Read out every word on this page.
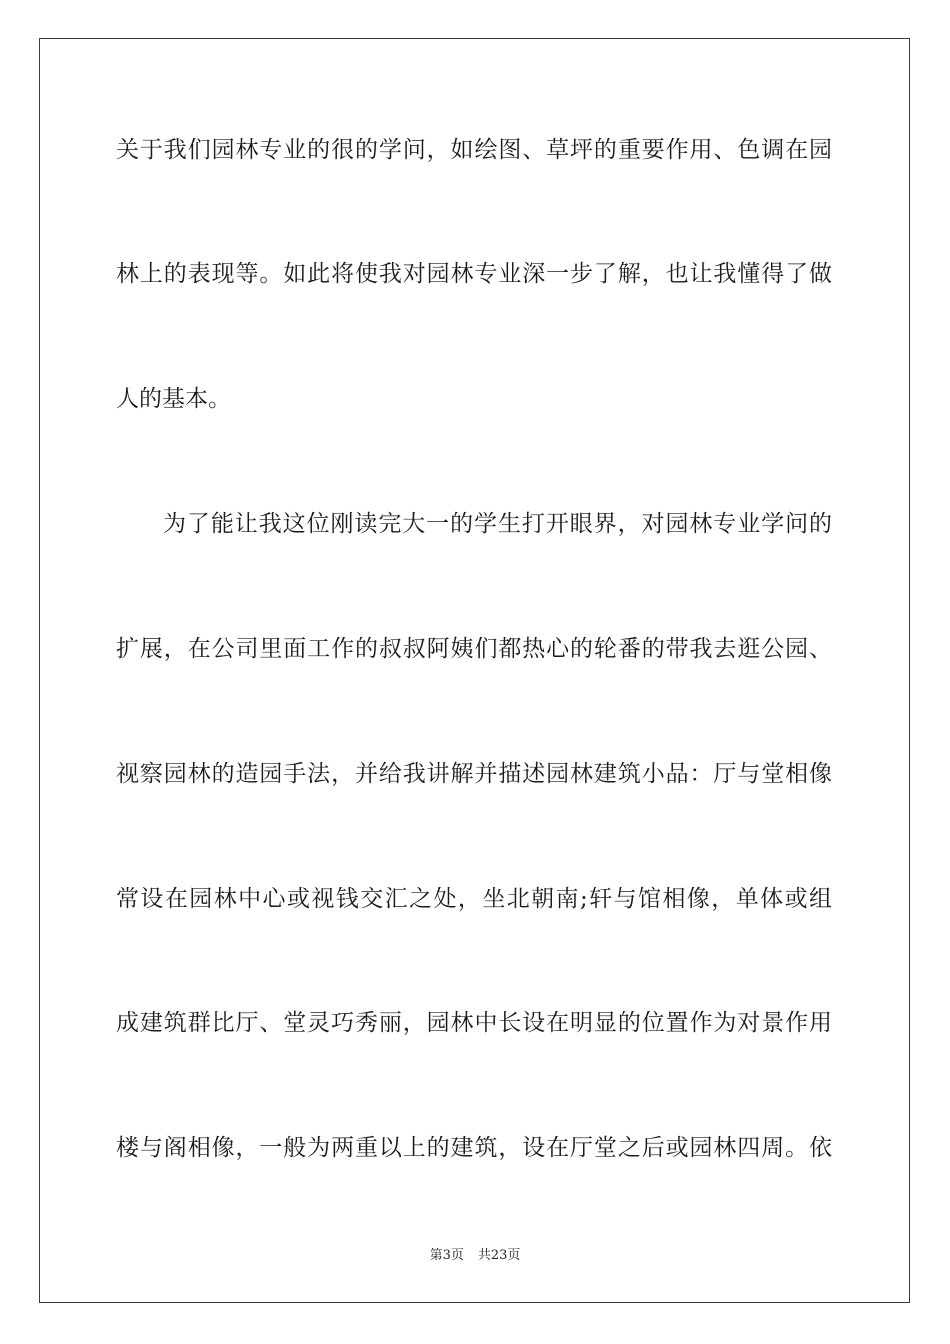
关于我们园林专业的很的学问，如绘图、草坪的重要作用、色调在园
林上的表现等。如此将使我对园林专业深一步了解，也让我懂得了做
人的基本。
为了能让我这位刚读完大一的学生打开眼界，对园林专业学问的
扩展，在公司里面工作的叔叔阿姨们都热心的轮番的带我去逛公园、
视察园林的造园手法，并给我讲解并描述园林建筑小品：厅与堂相像
常设在园林中心或视钱交汇之处，坐北朝南;轩与馆相像，单体或组
成建筑群比厅、堂灵巧秀丽，园林中长设在明显的位置作为对景作用
楼与阁相像，一般为两重以上的建筑，设在厅堂之后或园林四周。依
第3页 共23页
